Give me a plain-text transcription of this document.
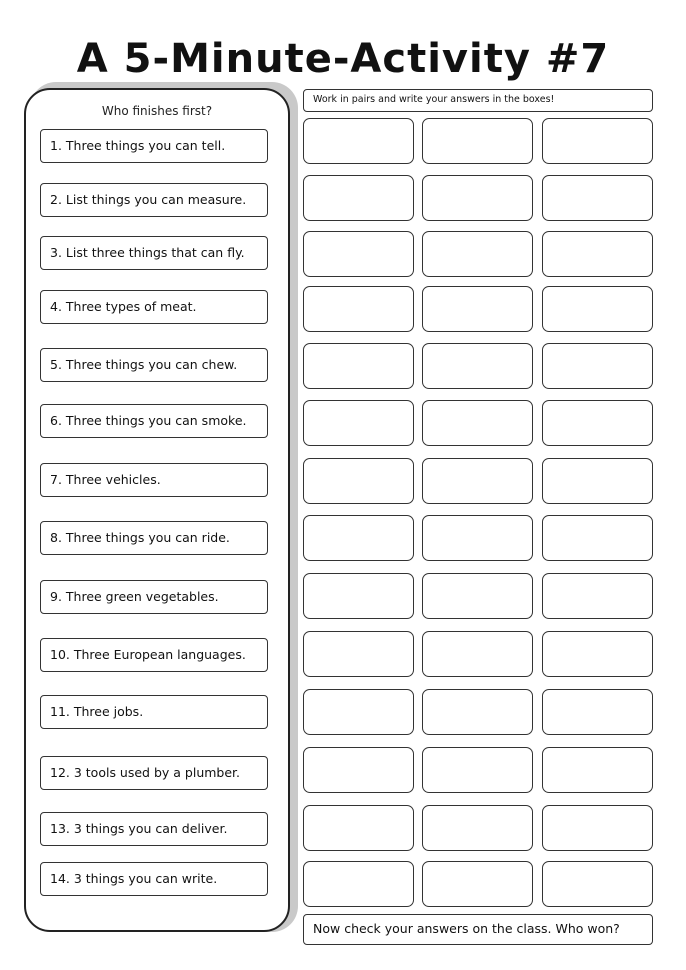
A 5-Minute-Activity #7
Who finishes first?
1. Three things you can tell.
2. List things you can measure.
3. List three things that can fly.
4. Three types of meat.
5. Three things you can chew.
6. Three things you can smoke.
7. Three vehicles.
8. Three things you can ride.
9. Three green vegetables.
10. Three European languages.
11. Three jobs.
12. 3 tools used by a plumber.
13. 3 things you can deliver.
14. 3 things you can write.
Work in pairs and write your answers in the boxes!
Now check your answers on the class. Who won?
